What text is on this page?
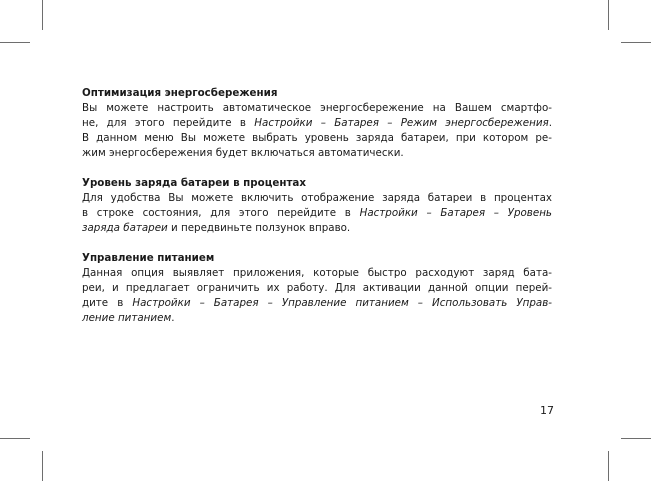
Оптимизация энергосбережения

Вы можете настроить автоматическое энергосбережение на Вашем смартфо-
не, для этого перейдите в Настройки – Батарея – Режим энергосбережения.
В данном меню Вы можете выбрать уровень заряда батареи, при котором ре-
жим энергосбережения будет включаться автоматически.

Уровень заряда батареи в процентах

Для удобства Вы можете включить отображение заряда батареи в процентах
в строке состояния, для этого перейдите в Настройки – Батарея – Уровень
заряда батареи и передвиньте ползунок вправо.

Управление питанием

Данная опция выявляет приложения, которые быстро расходуют заряд бата-
реи, и предлагает ограничить их работу. Для активации данной опции перей-
дите в Настройки – Батарея – Управление питанием – Использовать Управ-
ление питанием.
17
